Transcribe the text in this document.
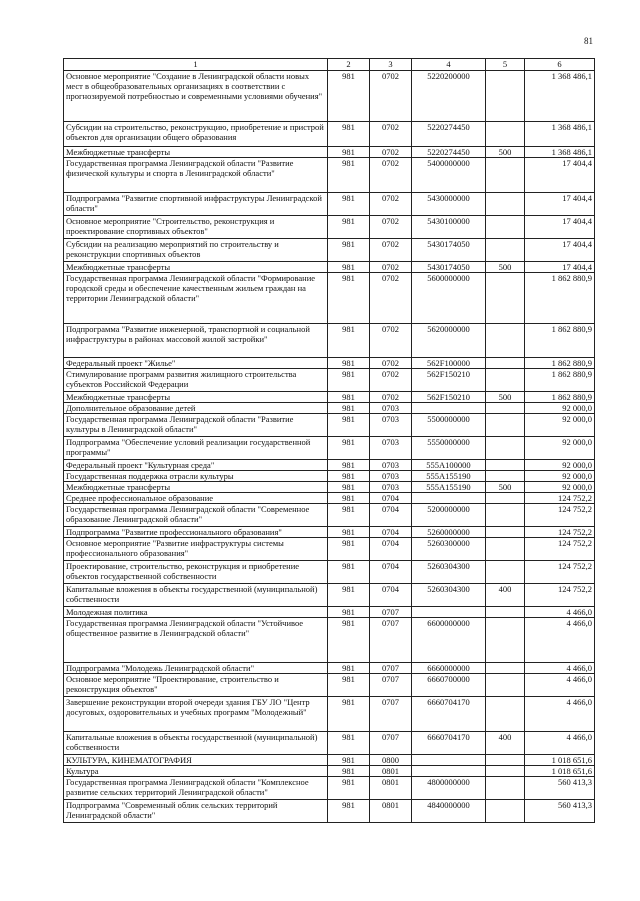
81
1	2	3	4	5	6
Основное мероприятие "Создание в Ленинградской области новых мест в общеобразовательных организациях в соответствии с прогнозируемой потребностью и современными условиями обучения"	981	0702	5220200000		1 368 486,1
Субсидии на строительство, реконструкцию, приобретение и пристрой объектов для организации общего образования	981	0702	5220274450		1 368 486,1
Межбюджетные трансферты	981	0702	5220274450	500	1 368 486,1
Государственная программа Ленинградской области "Развитие физической культуры и спорта в Ленинградской области"	981	0702	5400000000		17 404,4
Подпрограмма "Развитие спортивной инфраструктуры Ленинградской области"	981	0702	5430000000		17 404,4
Основное мероприятие "Строительство, реконструкция и проектирование спортивных объектов"	981	0702	5430100000		17 404,4
Субсидии на реализацию мероприятий по строительству и реконструкции спортивных объектов	981	0702	5430174050		17 404,4
Межбюджетные трансферты	981	0702	5430174050	500	17 404,4
Государственная программа Ленинградской области "Формирование городской среды и обеспечение качественным жильем граждан на территории Ленинградской области"	981	0702	5600000000		1 862 880,9
Подпрограмма "Развитие инженерной, транспортной и социальной инфраструктуры в районах массовой жилой застройки"	981	0702	5620000000		1 862 880,9
Федеральный проект "Жилье"	981	0702	562F100000		1 862 880,9
Стимулирование программ развития жилищного строительства субъектов Российской Федерации	981	0702	562F150210		1 862 880,9
Межбюджетные трансферты	981	0702	562F150210	500	1 862 880,9
Дополнительное образование детей	981	0703			92 000,0
Государственная программа Ленинградской области "Развитие культуры в Ленинградской области"	981	0703	5500000000		92 000,0
Подпрограмма "Обеспечение условий реализации государственной программы"	981	0703	5550000000		92 000,0
Федеральный проект "Культурная среда"	981	0703	555A100000		92 000,0
Государственная поддержка отрасли культуры	981	0703	555A155190		92 000,0
Межбюджетные трансферты	981	0703	555A155190	500	92 000,0
Среднее профессиональное образование	981	0704			124 752,2
Государственная программа Ленинградской области "Современное образование Ленинградской области"	981	0704	5200000000		124 752,2
Подпрограмма "Развитие профессионального образования"	981	0704	5260000000		124 752,2
Основное мероприятие "Развитие инфраструктуры системы профессионального образования"	981	0704	5260300000		124 752,2
Проектирование, строительство, реконструкция и приобретение объектов государственной собственности	981	0704	5260304300		124 752,2
Капитальные вложения в объекты государственной (муниципальной) собственности	981	0704	5260304300	400	124 752,2
Молодежная политика	981	0707			4 466,0
Государственная программа Ленинградской области "Устойчивое общественное развитие в Ленинградской области"	981	0707	6600000000		4 466,0
Подпрограмма "Молодежь Ленинградской области"	981	0707	6660000000		4 466,0
Основное мероприятие "Проектирование, строительство и реконструкция объектов"	981	0707	6660700000		4 466,0
Завершение реконструкции второй очереди здания ГБУ ЛО "Центр досуговых, оздоровительных и учебных программ "Молодежный"	981	0707	6660704170		4 466,0
Капитальные вложения в объекты государственной (муниципальной) собственности	981	0707	6660704170	400	4 466,0
КУЛЬТУРА, КИНЕМАТОГРАФИЯ	981	0800			1 018 651,6
Культура	981	0801			1 018 651,6
Государственная программа Ленинградской области "Комплексное развитие сельских территорий Ленинградской области"	981	0801	4800000000		560 413,3
Подпрограмма "Современный облик сельских территорий Ленинградской области"	981	0801	4840000000		560 413,3
